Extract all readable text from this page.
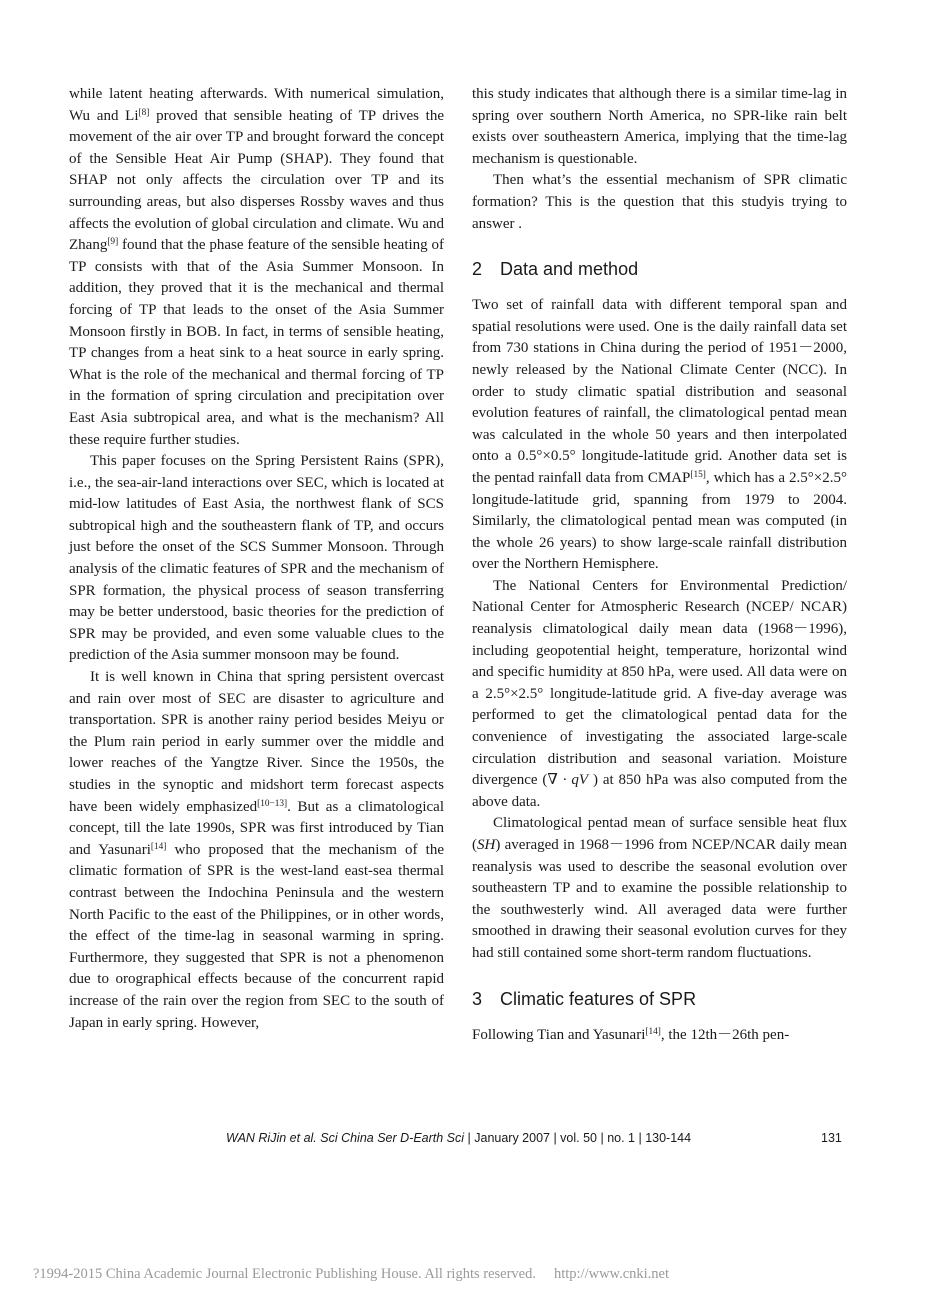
while latent heating afterwards. With numerical simulation, Wu and Li[8] proved that sensible heating of TP drives the movement of the air over TP and brought forward the concept of the Sensible Heat Air Pump (SHAP). They found that SHAP not only affects the circulation over TP and its surrounding areas, but also disperses Rossby waves and thus affects the evolution of global circulation and climate. Wu and Zhang[9] found that the phase feature of the sensible heating of TP consists with that of the Asia Summer Monsoon. In addition, they proved that it is the mechanical and thermal forcing of TP that leads to the onset of the Asia Summer Monsoon firstly in BOB. In fact, in terms of sensible heating, TP changes from a heat sink to a heat source in early spring. What is the role of the mechanical and thermal forcing of TP in the formation of spring circulation and precipitation over East Asia subtropical area, and what is the mechanism? All these require further studies.

This paper focuses on the Spring Persistent Rains (SPR), i.e., the sea-air-land interactions over SEC, which is located at mid-low latitudes of East Asia, the northwest flank of SCS subtropical high and the southeastern flank of TP, and occurs just before the onset of the SCS Summer Monsoon. Through analysis of the climatic features of SPR and the mechanism of SPR formation, the physical process of season transferring may be better understood, basic theories for the prediction of SPR may be provided, and even some valuable clues to the prediction of the Asia summer monsoon may be found.

It is well known in China that spring persistent overcast and rain over most of SEC are disaster to agriculture and transportation. SPR is another rainy period besides Meiyu or the Plum rain period in early summer over the middle and lower reaches of the Yangtze River. Since the 1950s, the studies in the synoptic and midshort term forecast aspects have been widely emphasized[10−13]. But as a climatological concept, till the late 1990s, SPR was first introduced by Tian and Yasunari[14] who proposed that the mechanism of the climatic formation of SPR is the west-land east-sea thermal contrast between the Indochina Peninsula and the western North Pacific to the east of the Philippines, or in other words, the effect of the time-lag in seasonal warming in spring. Furthermore, they suggested that SPR is not a phenomenon due to orographical effects because of the concurrent rapid increase of the rain over the region from SEC to the south of Japan in early spring. However,

this study indicates that although there is a similar time-lag in spring over southern North America, no SPR-like rain belt exists over southeastern America, implying that the time-lag mechanism is questionable.

Then what’s the essential mechanism of SPR climatic formation? This is the question that this studyis trying to answer .

2 Data and method

Two set of rainfall data with different temporal span and spatial resolutions were used. One is the daily rainfall data set from 730 stations in China during the period of 1951－2000, newly released by the National Climate Center (NCC). In order to study climatic spatial distribution and seasonal evolution features of rainfall, the climatological pentad mean was calculated in the whole 50 years and then interpolated onto a 0.5°×0.5° longitude-latitude grid. Another data set is the pentad rainfall data from CMAP[15], which has a 2.5°×2.5° longitude-latitude grid, spanning from 1979 to 2004. Similarly, the climatological pentad mean was computed (in the whole 26 years) to show large-scale rainfall distribution over the Northern Hemisphere.

The National Centers for Environmental Prediction/ National Center for Atmospheric Research (NCEP/ NCAR) reanalysis climatological daily mean data (1968－1996), including geopotential height, temperature, horizontal wind and specific humidity at 850 hPa, were used. All data were on a 2.5°×2.5° longitude-latitude grid. A five-day average was performed to get the climatological pentad data for the convenience of investigating the associated large-scale circulation distribution and seasonal variation. Moisture divergence (∇ · qV ) at 850 hPa was also computed from the above data.

Climatological pentad mean of surface sensible heat flux (SH) averaged in 1968－1996 from NCEP/NCAR daily mean reanalysis was used to describe the seasonal evolution over southeastern TP and to examine the possible relationship to the southwesterly wind. All averaged data were further smoothed in drawing their seasonal evolution curves for they had still contained some short-term random fluctuations.

3 Climatic features of SPR

Following Tian and Yasunari[14], the 12th－26th pen-

WAN RiJin et al. Sci China Ser D-Earth Sci | January 2007 | vol. 50 | no. 1 | 130-144	131
?1994-2015 China Academic Journal Electronic Publishing House. All rights reserved. http://www.cnki.net
